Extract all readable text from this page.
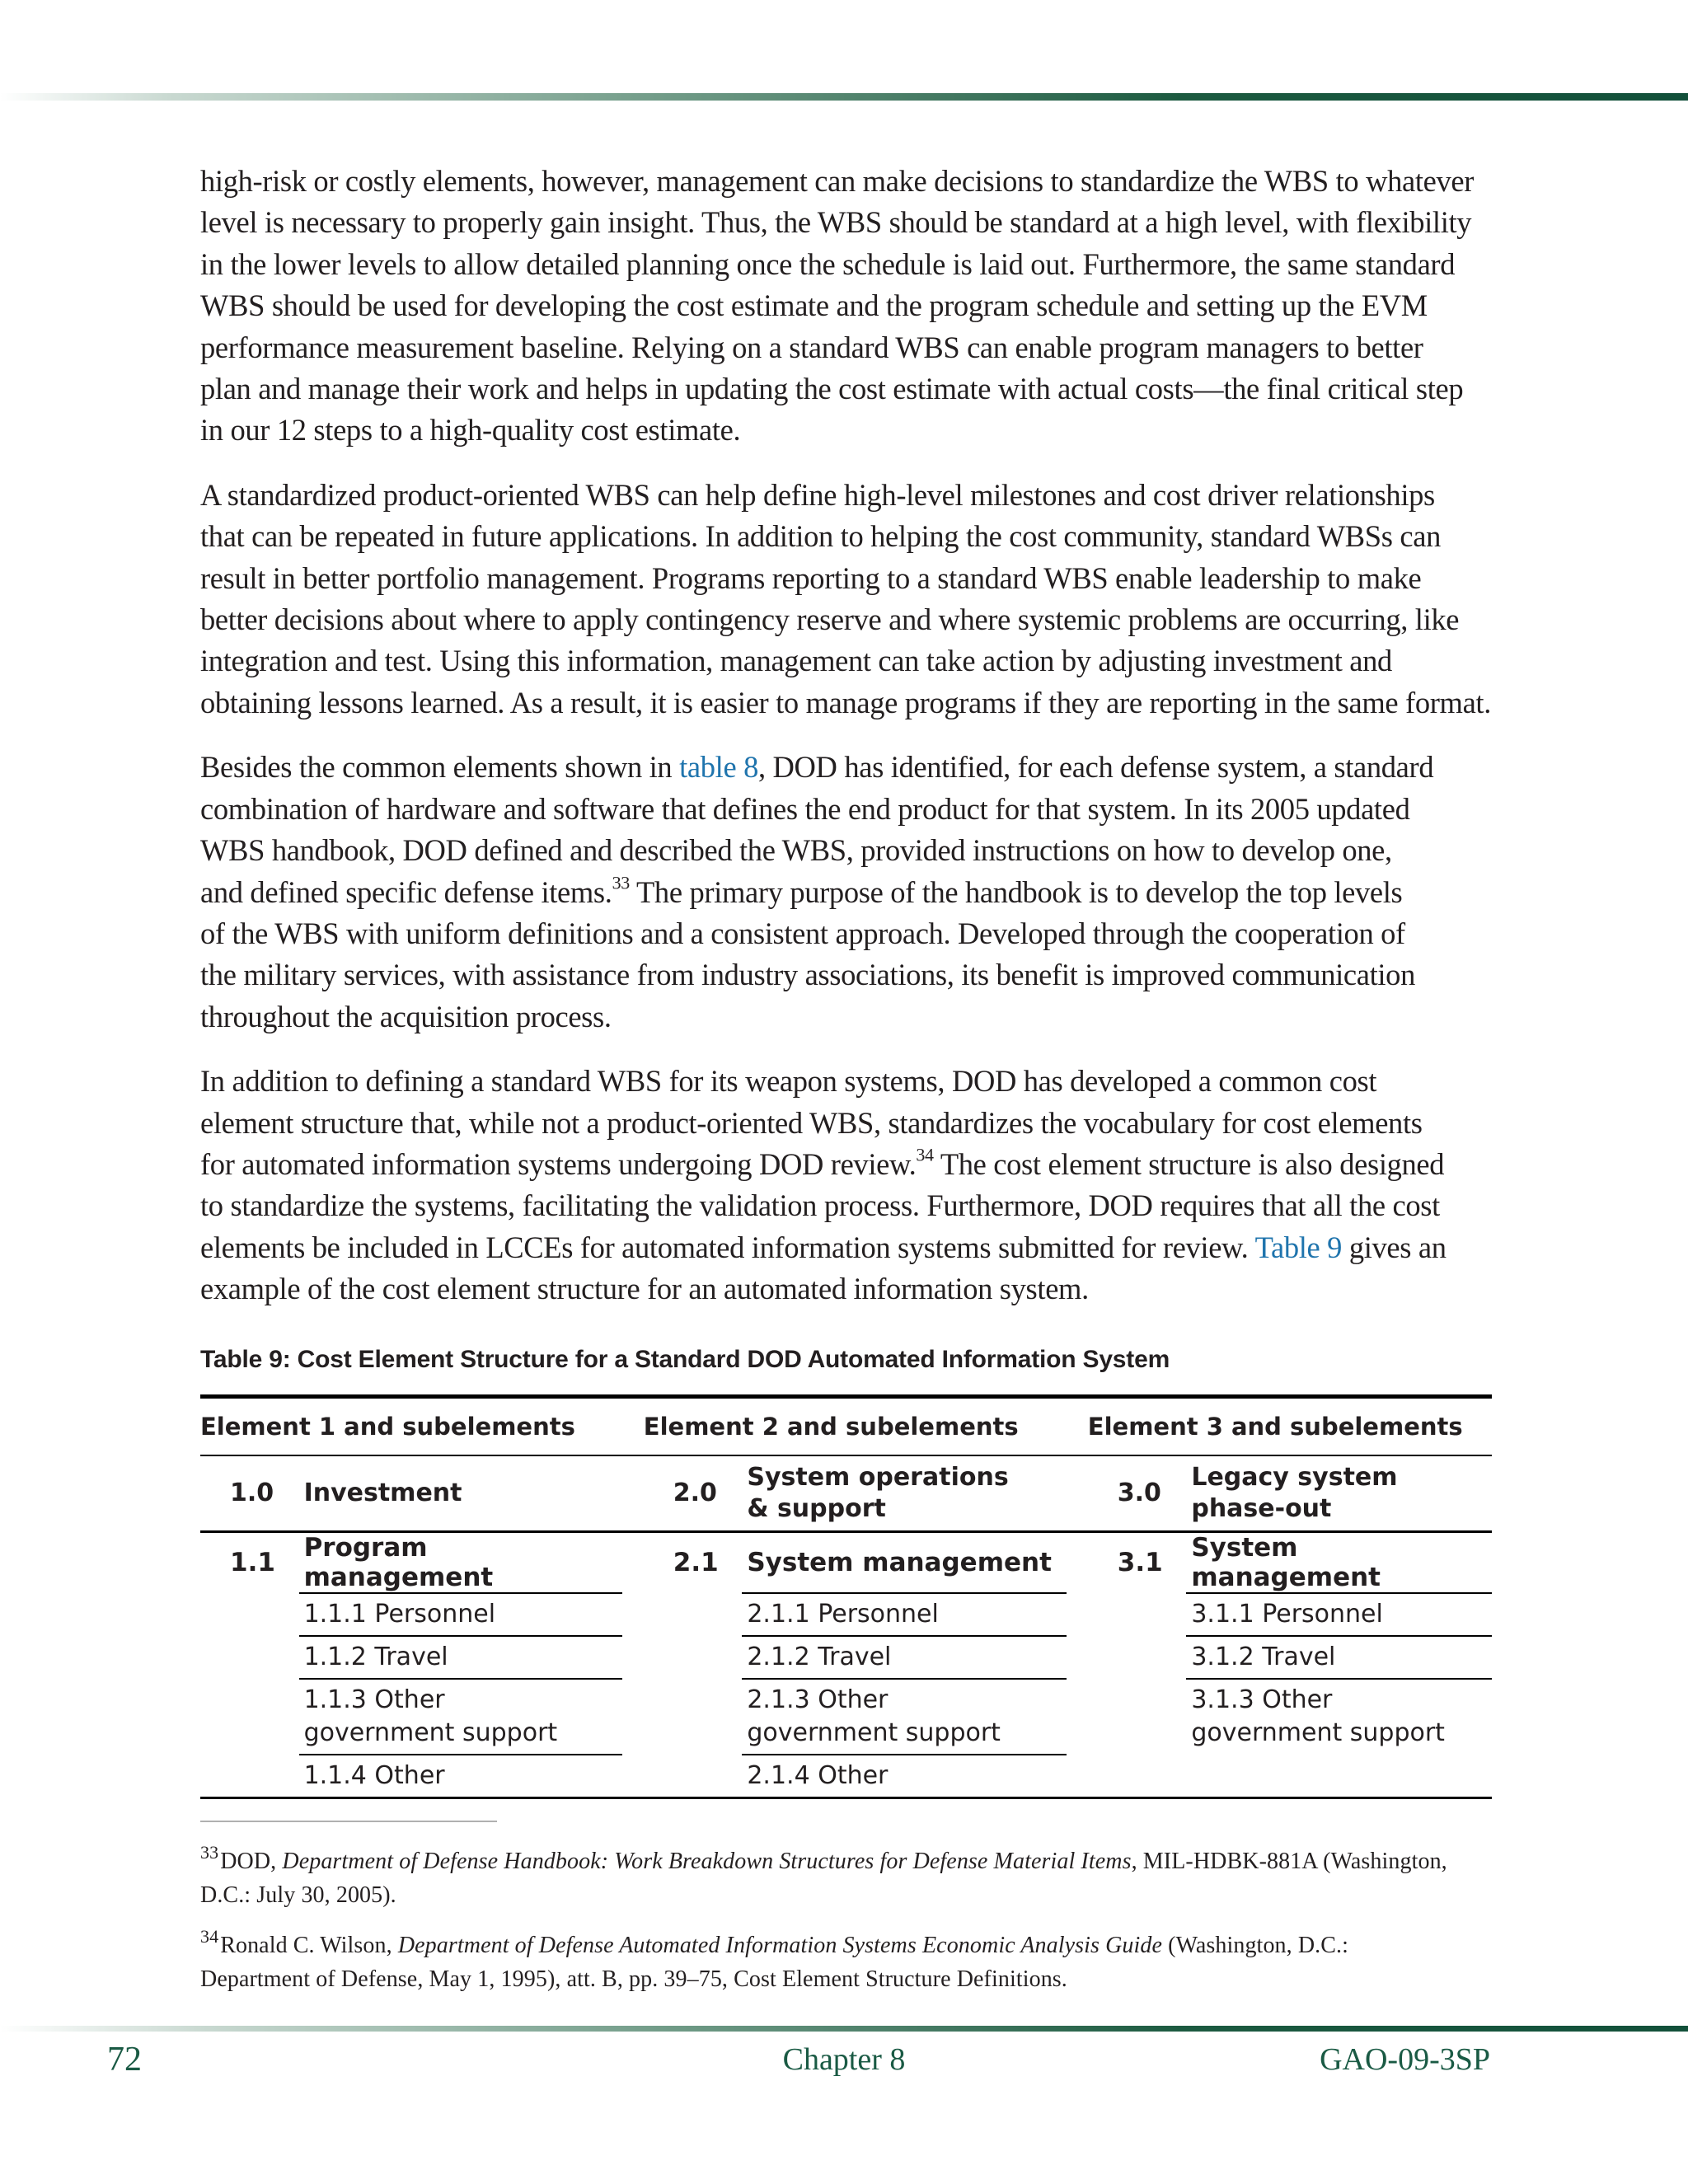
high-risk or costly elements, however, management can make decisions to standardize the WBS to whatever
level is necessary to properly gain insight. Thus, the WBS should be standard at a high level, with flexibility
in the lower levels to allow detailed planning once the schedule is laid out. Furthermore, the same standard
WBS should be used for developing the cost estimate and the program schedule and setting up the EVM
performance measurement baseline. Relying on a standard WBS can enable program managers to better
plan and manage their work and helps in updating the cost estimate with actual costs—the final critical step
in our 12 steps to a high-quality cost estimate.

A standardized product-oriented WBS can help define high-level milestones and cost driver relationships
that can be repeated in future applications. In addition to helping the cost community, standard WBSs can
result in better portfolio management. Programs reporting to a standard WBS enable leadership to make
better decisions about where to apply contingency reserve and where systemic problems are occurring, like
integration and test. Using this information, management can take action by adjusting investment and
obtaining lessons learned. As a result, it is easier to manage programs if they are reporting in the same format.

Besides the common elements shown in table 8, DOD has identified, for each defense system, a standard
combination of hardware and software that defines the end product for that system. In its 2005 updated
WBS handbook, DOD defined and described the WBS, provided instructions on how to develop one,
and defined specific defense items.$^{33}$ The primary purpose of the handbook is to develop the top levels
of the WBS with uniform definitions and a consistent approach. Developed through the cooperation of
the military services, with assistance from industry associations, its benefit is improved communication
throughout the acquisition process.

In addition to defining a standard WBS for its weapon systems, DOD has developed a common cost
element structure that, while not a product-oriented WBS, standardizes the vocabulary for cost elements
for automated information systems undergoing DOD review.$^{34}$ The cost element structure is also designed
to standardize the systems, facilitating the validation process. Furthermore, DOD requires that all the cost
elements be included in LCCEs for automated information systems submitted for review. Table 9 gives an
example of the cost element structure for an automated information system.

Table 9: Cost Element Structure for a Standard DOD Automated Information System
Element 1 and subelements			Element 2 and subelements			Element 3 and subelements	
1.0	Investment		2.0	System operations & support		3.0	Legacy system phase-out
1.1	Program management		2.1	System management		3.1	System management
	1.1.1 Personnel			2.1.1 Personnel			3.1.1 Personnel
	1.1.2 Travel			2.1.2 Travel			3.1.2 Travel
	1.1.3 Other government support			2.1.3 Other government support			3.1.3 Other government support
	1.1.4 Other			2.1.4 Other			

$^{33}$DOD, Department of Defense Handbook: Work Breakdown Structures for Defense Material Items, MIL-HDBK-881A (Washington,
D.C.: July 30, 2005).

$^{34}$Ronald C. Wilson, Department of Defense Automated Information Systems Economic Analysis Guide (Washington, D.C.:
Department of Defense, May 1, 1995), att. B, pp. 39–75, Cost Element Structure Definitions.

72	Chapter 8	GAO-09-3SP
